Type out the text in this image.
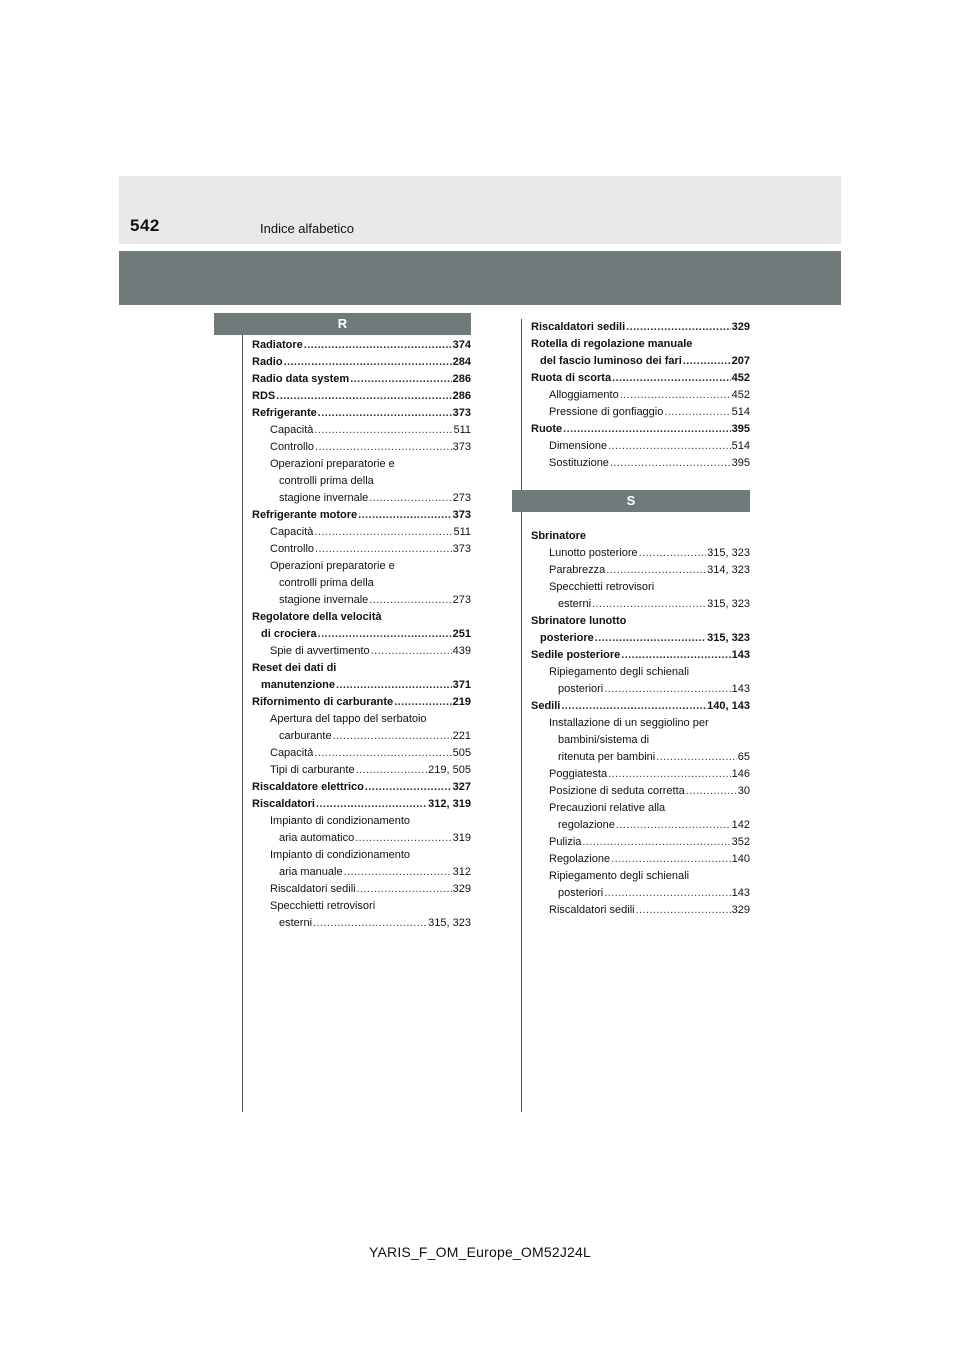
542	Indice alfabetico
R
Radiatore .....	374
Radio .....	284
Radio data system .....	286
RDS .....	286
Refrigerante .....	373
Capacità .....	511
Controllo .....	373
Operazioni preparatorie e
controlli prima della
stagione invernale .....	273
Refrigerante motore .....	373
Capacità .....	511
Controllo .....	373
Operazioni preparatorie e
controlli prima della
stagione invernale .....	273
Regolatore della velocità
di crociera .....	251
Spie di avvertimento .....	439
Reset dei dati di
manutenzione .....	371
Rifornimento di carburante .....	219
Apertura del tappo del serbatoio
carburante .....	221
Capacità .....	505
Tipi di carburante .....	219, 505
Riscaldatore elettrico .....	327
Riscaldatori .....	312, 319
Impianto di condizionamento
aria automatico .....	319
Impianto di condizionamento
aria manuale .....	312
Riscaldatori sedili .....	329
Specchietti retrovisori
esterni .....	315, 323
Riscaldatori sedili .....	329
Rotella di regolazione manuale
del fascio luminoso dei fari .....	207
Ruota di scorta .....	452
Alloggiamento .....	452
Pressione di gonfiaggio .....	514
Ruote .....	395
Dimensione .....	514
Sostituzione .....	395
S
Sbrinatore
Lunotto posteriore .....	315, 323
Parabrezza .....	314, 323
Specchietti retrovisori
esterni .....	315, 323
Sbrinatore lunotto
posteriore .....	315, 323
Sedile posteriore .....	143
Ripiegamento degli schienali
posteriori .....	143
Sedili .....	140, 143
Installazione di un seggiolino per
bambini/sistema di
ritenuta per bambini .....	65
Poggiatesta .....	146
Posizione di seduta corretta .....	30
Precauzioni relative alla
regolazione .....	142
Pulizia .....	352
Regolazione .....	140
Ripiegamento degli schienali
posteriori .....	143
Riscaldatori sedili .....	329
YARIS_F_OM_Europe_OM52J24L
